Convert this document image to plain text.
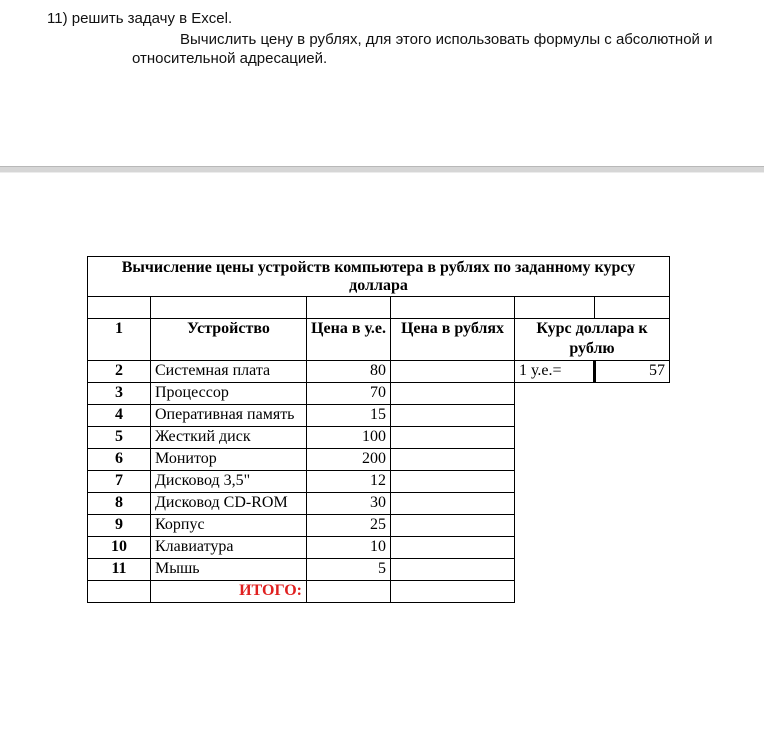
11) решить задачу в Excel.
Вычислить цену в рублях, для этого использовать формулы с абсолютной и
относительной адресацией.
Вычисление цены устройств компьютера в рублях по заданному курсу доллара					

1	Устройство	Цена в у.е.	Цена в рублях	Курс доллара к рублю	
2	Системная плата	80		1 у.е.=	57
3	Процессор	70			
4	Оперативная память	15			
5	Жесткий диск	100			
6	Монитор	200			
7	Дисковод 3,5"	12			
8	Дисковод CD-ROM	30			
9	Корпус	25			
10	Клавиатура	10			
11	Мышь	5			
	ИТОГО:				
